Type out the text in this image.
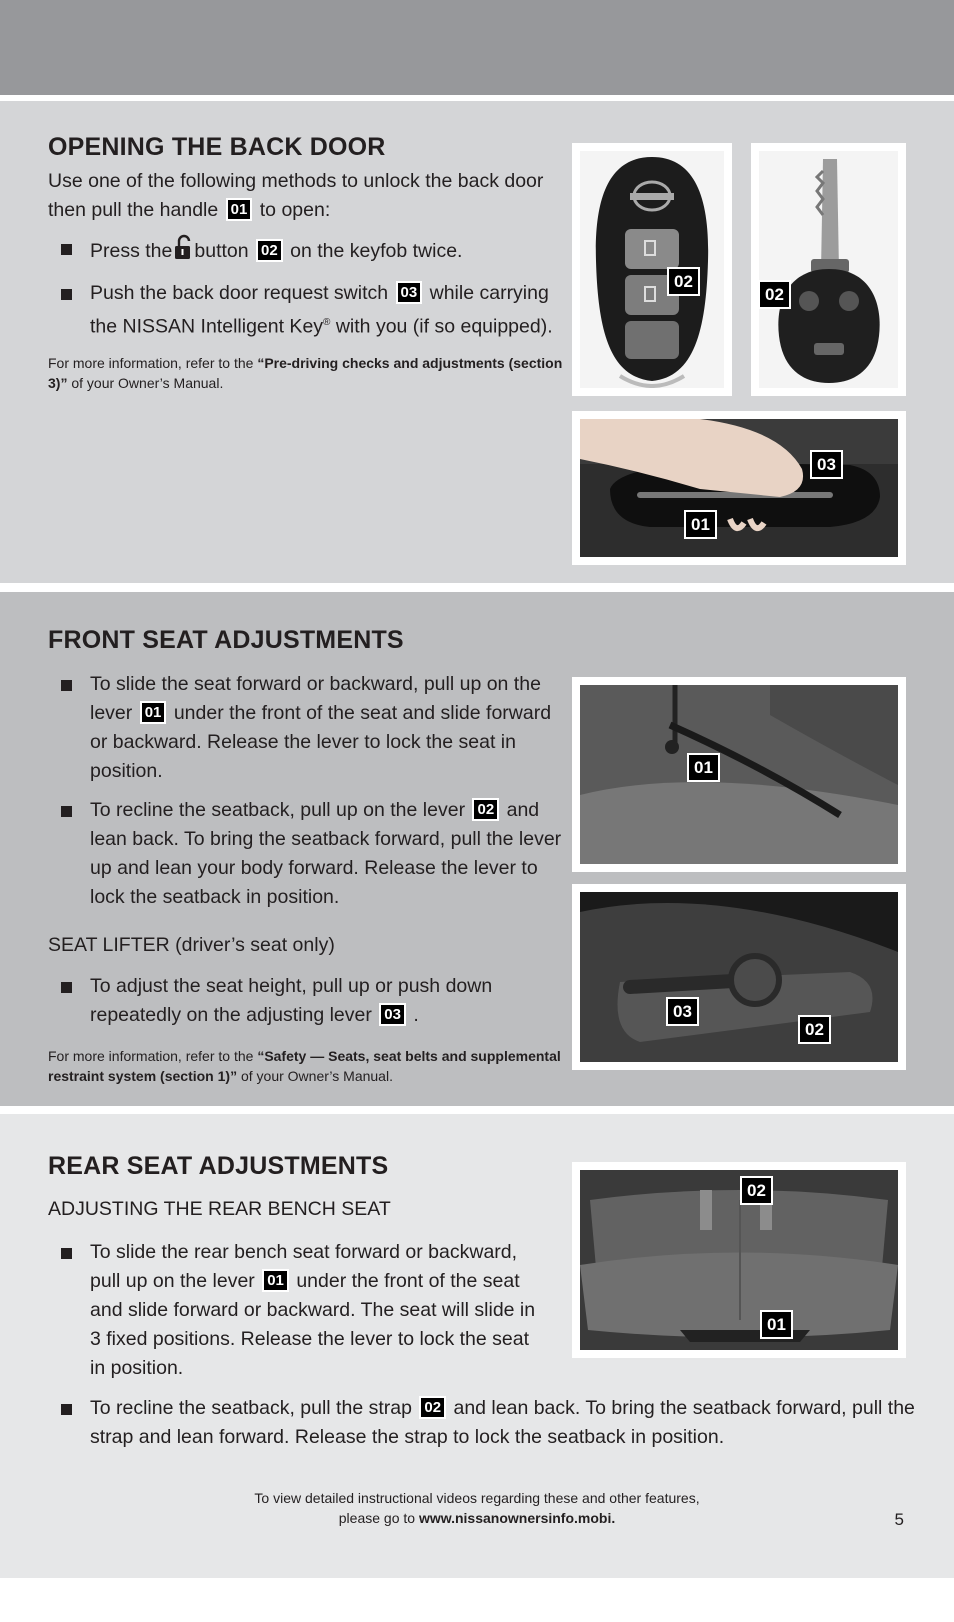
OPENING THE BACK DOOR

Use one of the following methods to unlock the back door then pull the handle 01 to open:

Press the button 02 on the keyfob twice.
Push the back door request switch 03 while carrying the NISSAN Intelligent Key® with you (if so equipped).

For more information, refer to the “Pre-driving checks and adjustments (section 3)” of your Owner’s Manual.

02
02
03
01
FRONT SEAT ADJUSTMENTS
To slide the seat forward or backward, pull up on the lever 01 under the front of the seat and slide forward or backward. Release the lever to lock the seat in position.
To recline the seatback, pull up on the lever 02 and lean back. To bring the seatback forward, pull the lever up and lean your body forward. Release the lever to lock the seatback in position.

SEAT LIFTER (driver’s seat only)

To adjust the seat height, pull up or push down repeatedly on the adjusting lever 03 .

For more information, refer to the “Safety — Seats, seat belts and supplemental restraint system (section 1)” of your Owner’s Manual.

01
03
02
REAR SEAT ADJUSTMENTS

ADJUSTING THE REAR BENCH SEAT

To slide the rear bench seat forward or backward, pull up on the lever 01 under the front of the seat and slide forward or backward. The seat will slide in 3 fixed positions. Release the lever to lock the seat in position.
To recline the seatback, pull the strap 02 and lean back. To bring the seatback forward, pull the strap and lean forward. Release the strap to lock the seatback in position.
02
01
To view detailed instructional videos regarding these and other features,
please go to www.nissanownersinfo.mobi.	5
